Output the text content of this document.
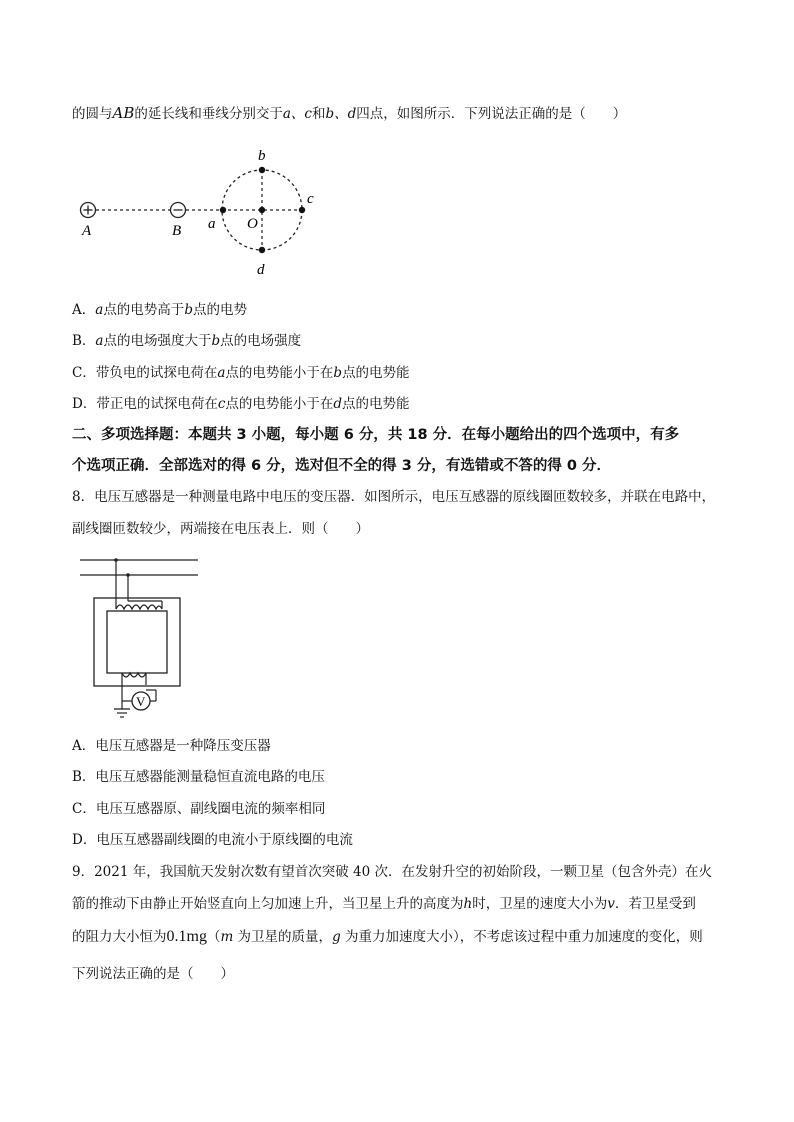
的圆与AB的延长线和垂线分别交于a、c和b、d四点，如图所示．下列说法正确的是（　　）
A	B a O
b
c
d
A．a点的电势高于b点的电势
B．a点的电场强度大于b点的电场强度
C．带负电的试探电荷在a点的电势能小于在b点的电势能
D．带正电的试探电荷在c点的电势能小于在d点的电势能
二、多项选择题：本题共 3 小题，每小题 6 分，共 18 分．在每小题给出的四个选项中，有多
个选项正确．全部选对的得 6 分，选对但不全的得 3 分，有选错或不答的得 0 分．
8．电压互感器是一种测量电路中电压的变压器．如图所示，电压互感器的原线圈匝数较多，并联在电路中，
副线圈匝数较少，两端接在电压表上．则（　　）
V
A．电压互感器是一种降压变压器
B．电压互感器能测量稳恒直流电路的电压
C．电压互感器原、副线圈电流的频率相同
D．电压互感器副线圈的电流小于原线圈的电流
9．2021 年，我国航天发射次数有望首次突破 40 次．在发射升空的初始阶段，一颗卫星（包含外壳）在火
箭的推动下由静止开始竖直向上匀加速上升，当卫星上升的高度为h时，卫星的速度大小为v．若卫星受到
的阻力大小恒为0.1mg（m 为卫星的质量，g 为重力加速度大小），不考虑该过程中重力加速度的变化，则
下列说法正确的是（　　）
